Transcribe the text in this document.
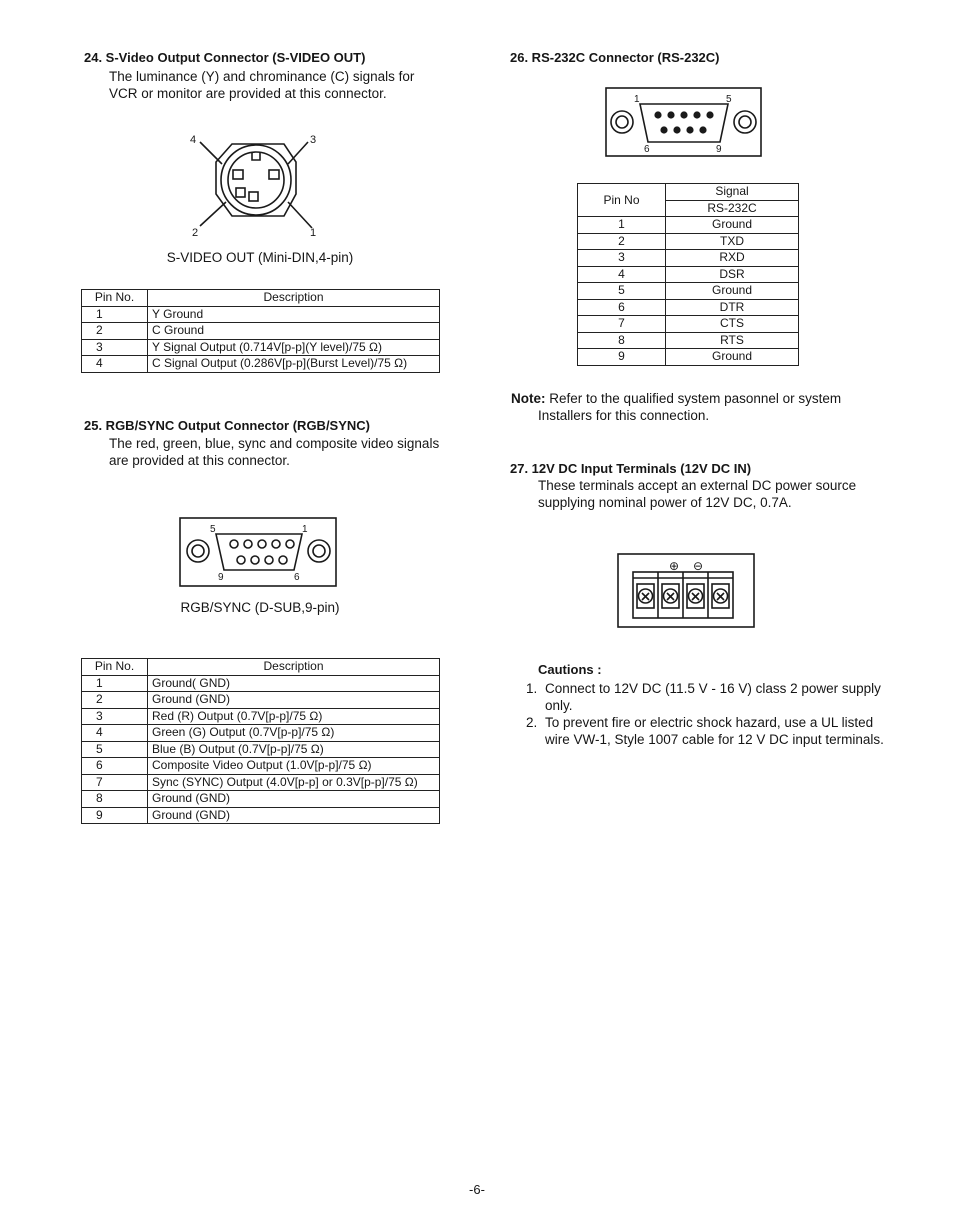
24. S-Video Output Connector (S-VIDEO OUT)
The luminance (Y) and chrominance (C) signals for VCR or monitor are provided at this connector.
4	3
2	1
S-VIDEO OUT (Mini-DIN,4-pin)
Pin No.	Description
1	Y Ground
2	C Ground
3	Y Signal Output (0.714V[p-p](Y level)/75 Ω)
4	C Signal Output (0.286V[p-p](Burst Level)/75 Ω)
25. RGB/SYNC Output Connector (RGB/SYNC)
The red, green, blue, sync and composite video signals are provided at this connector.
5	1
9	6
RGB/SYNC (D-SUB,9-pin)
Pin No.	Description
1	Ground( GND)
2	Ground (GND)
3	Red (R) Output (0.7V[p-p]/75 Ω)
4	Green (G) Output (0.7V[p-p]/75 Ω)
5	Blue (B) Output (0.7V[p-p]/75 Ω)
6	Composite Video Output (1.0V[p-p]/75 Ω)
7	Sync (SYNC) Output (4.0V[p-p] or 0.3V[p-p]/75 Ω)
8	Ground (GND)
9	Ground (GND)
26. RS-232C Connector (RS-232C)
1	5
6	9
Pin No	Signal
	RS-232C
1	Ground
2	TXD
3	RXD
4	DSR
5	Ground
6	DTR
7	CTS
8	RTS
9	Ground
Note: Refer to the qualified system pasonnel or system Installers for this connection.
27. 12V DC Input Terminals (12V DC IN)
These terminals accept an external DC power source supplying nominal power of 12V DC, 0.7A.
⊕ ⊖
Cautions :
1. Connect to 12V DC (11.5 V - 16 V) class 2 power supply only.
2. To prevent fire or electric shock hazard, use a UL listed wire VW-1, Style 1007 cable for 12 V DC input terminals.
-6-
